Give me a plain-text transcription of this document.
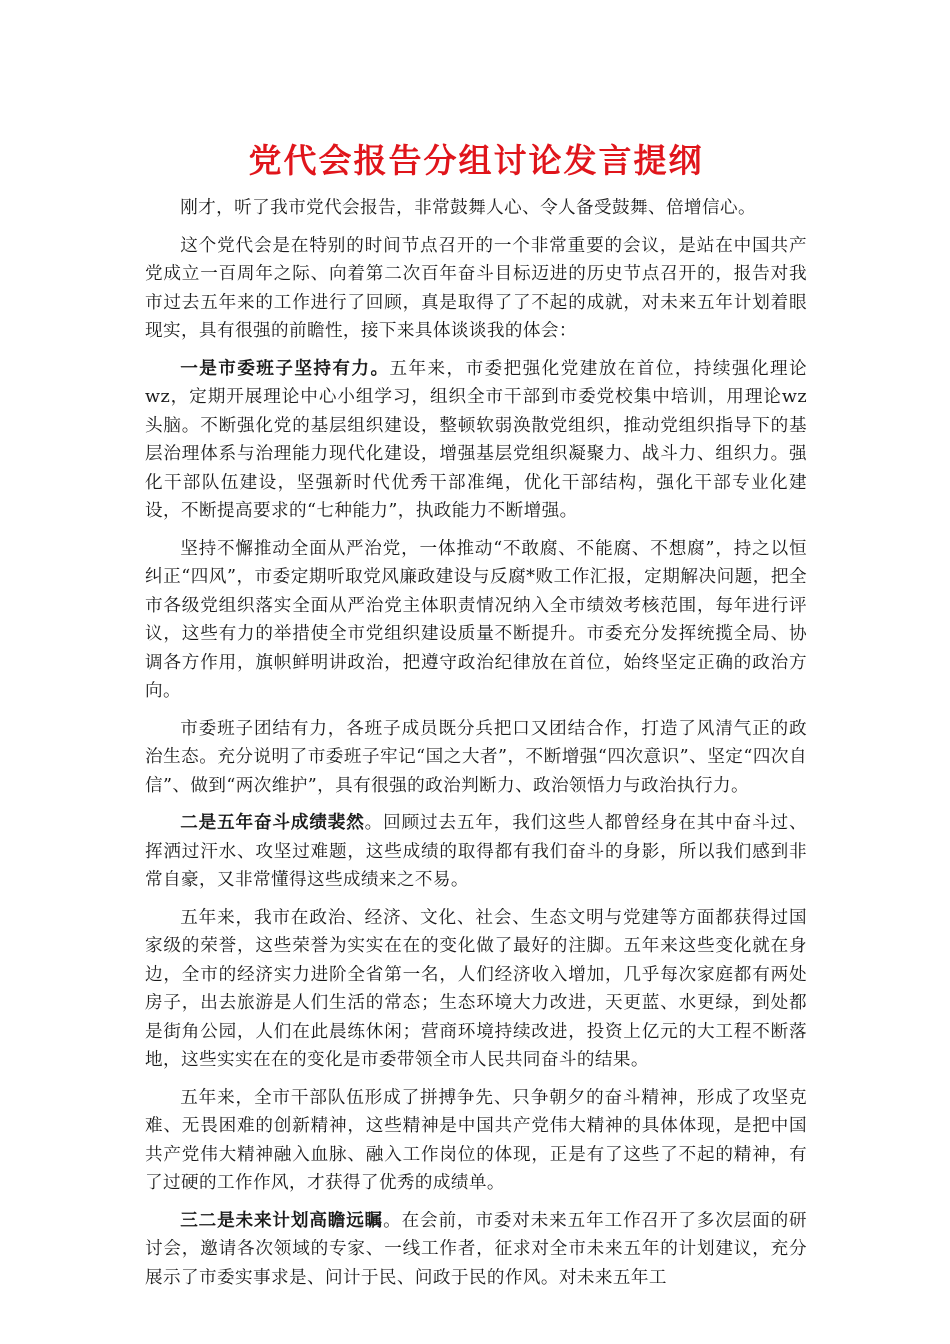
党代会报告分组讨论发言提纲

刚才，听了我市党代会报告，非常鼓舞人心、令人备受鼓舞、倍增信心。

这个党代会是在特别的时间节点召开的一个非常重要的会议，是站在中国共产党成立一百周年之际、向着第二次百年奋斗目标迈进的历史节点召开的，报告对我市过去五年来的工作进行了回顾，真是取得了了不起的成就，对未来五年计划着眼现实，具有很强的前瞻性，接下来具体谈谈我的体会：

一是市委班子坚持有力。五年来，市委把强化党建放在首位，持续强化理论wz，定期开展理论中心小组学习，组织全市干部到市委党校集中培训，用理论wz头脑。不断强化党的基层组织建设，整顿软弱涣散党组织，推动党组织指导下的基层治理体系与治理能力现代化建设，增强基层党组织凝聚力、战斗力、组织力。强化干部队伍建设，坚强新时代优秀干部准绳，优化干部结构，强化干部专业化建设，不断提高要求的“七种能力”，执政能力不断增强。

坚持不懈推动全面从严治党，一体推动“不敢腐、不能腐、不想腐”，持之以恒纠正“四风”，市委定期听取党风廉政建设与反腐*败工作汇报，定期解决问题，把全市各级党组织落实全面从严治党主体职责情况纳入全市绩效考核范围，每年进行评议，这些有力的举措使全市党组织建设质量不断提升。市委充分发挥统揽全局、协调各方作用，旗帜鲜明讲政治，把遵守政治纪律放在首位，始终坚定正确的政治方向。

市委班子团结有力，各班子成员既分兵把口又团结合作，打造了风清气正的政治生态。充分说明了市委班子牢记“国之大者”，不断增强“四次意识”、坚定“四次自信”、做到“两次维护”，具有很强的政治判断力、政治领悟力与政治执行力。

二是五年奋斗成绩裴然。回顾过去五年，我们这些人都曾经身在其中奋斗过、挥洒过汗水、攻坚过难题，这些成绩的取得都有我们奋斗的身影，所以我们感到非常自豪，又非常懂得这些成绩来之不易。

五年来，我市在政治、经济、文化、社会、生态文明与党建等方面都获得过国家级的荣誉，这些荣誉为实实在在的变化做了最好的注脚。五年来这些变化就在身边，全市的经济实力进阶全省第一名，人们经济收入增加，几乎每次家庭都有两处房子，出去旅游是人们生活的常态；生态环境大力改进，天更蓝、水更绿，到处都是街角公园，人们在此晨练休闲；营商环境持续改进，投资上亿元的大工程不断落地，这些实实在在的变化是市委带领全市人民共同奋斗的结果。

五年来，全市干部队伍形成了拼搏争先、只争朝夕的奋斗精神，形成了攻坚克难、无畏困难的创新精神，这些精神是中国共产党伟大精神的具体体现，是把中国共产党伟大精神融入血脉、融入工作岗位的体现，正是有了这些了不起的精神，有了过硬的工作作风，才获得了优秀的成绩单。

三二是未来计划高瞻远瞩。在会前，市委对未来五年工作召开了多次层面的研讨会，邀请各次领域的专家、一线工作者，征求对全市未来五年的计划建议，充分展示了市委实事求是、问计于民、问政于民的作风。对未来五年工
